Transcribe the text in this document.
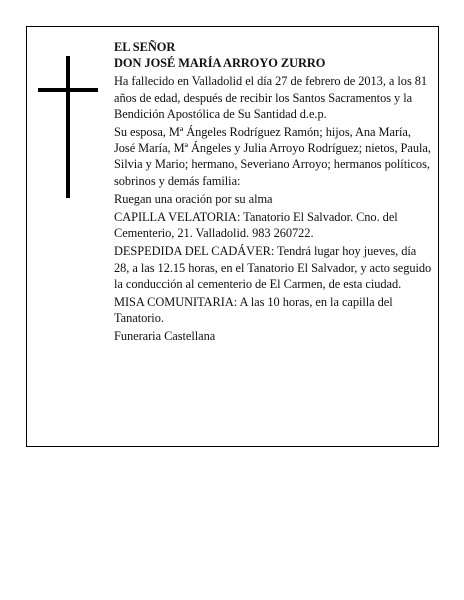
EL SEÑOR

DON JOSÉ MARÍA ARROYO ZURRO

Ha fallecido en Valladolid el día 27 de febrero de 2013, a los 81 años de edad, después de recibir los Santos Sacramentos y la Bendición Apostólica de Su Santidad d.e.p.

Su esposa, Mª Ángeles Rodríguez Ramón; hijos, Ana María, José María, Mª Ángeles y Julia Arroyo Rodríguez; nietos, Paula, Silvia y Mario; hermano, Severiano Arroyo; hermanos políticos, sobrinos y demás familia:

Ruegan una oración por su alma

CAPILLA VELATORIA: Tanatorio El Salvador. Cno. del Cementerio, 21. Valladolid. 983 260722.

DESPEDIDA DEL CADÁVER: Tendrá lugar hoy jueves, día 28, a las 12.15 horas, en el Tanatorio El Salvador, y acto seguido la conducción al cementerio de El Carmen, de esta ciudad.

MISA COMUNITARIA: A las 10 horas, en la capilla del Tanatorio.

Funeraria Castellana
